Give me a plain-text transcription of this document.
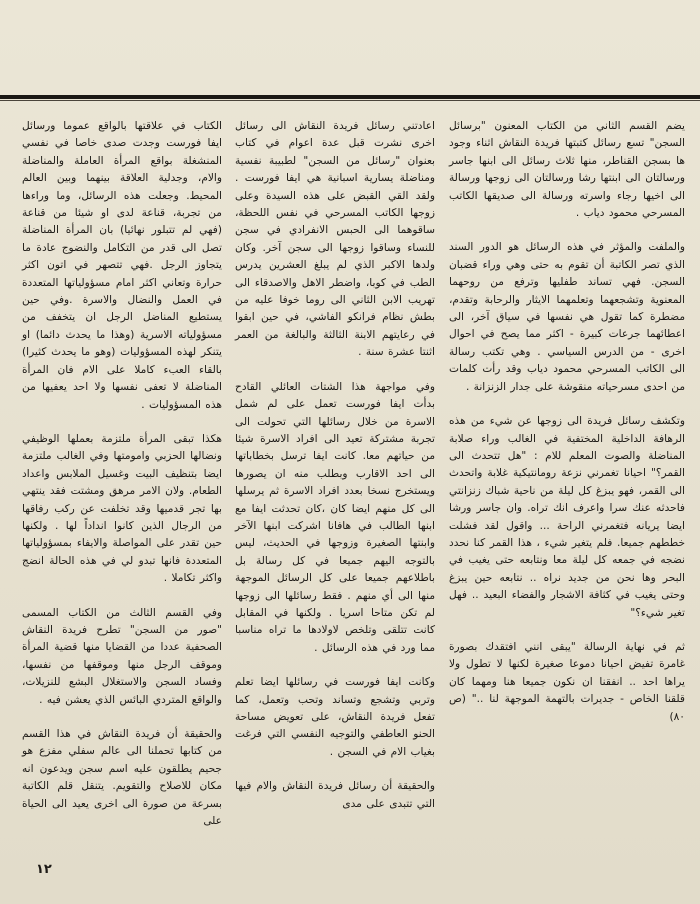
يضم القسم الثاني من الكتاب المعنون "برسائل السجن" تسع رسائل كتبتها فريدة النقاش اثناء وجود ها بسجن القناطر، منها ثلاث رسائل الى ابنها جاسر ورسالتان الى ابنتها رشا ورسالتان الى زوجها ورسالة الى اخيها رجاء واسرته ورسالة الى صديقها الكاتب المسرحي محمود دياب .

والملفت والمؤثر في هذه الرسائل هو الدور السند الذي تصر الكاتبة أن تقوم به حتى وهي وراء قضبان السجن. فهي تساند طفليها وترفع من روحهما المعنوية وتشجعهما وتعلمهما الايثار والرحابة وتقدم، مضطرة كما تقول هي نفسها في سياق آخر، الى اعطائهما جرعات كبيرة - اكثر مما يصح في احوال اخرى - من الدرس السياسي . وهي تكتب رسالة الى الكاتب المسرحي محمود دياب وقد رأت كلمات من احدى مسرحياته منقوشة على جدار الزنزانة .

وتكشف رسائل فريدة الى زوجها عن شيء من هذه الرهافة الداخلية المختفية في الغالب وراء صلابة المناضلة والصوت المعلم للام : "هل تتحدث الى القمر؟" احيانا تغمرني نزعة رومانتيكية غلابة واتحدث الى القمر، فهو يبزغ كل ليلة من ناحية شباك زنزانتي فاحدثه عنك سرا واعرف انك تراه. وان جاسر ورشا ايضا يريانه فتغمرني الراحة ... واقول لقد فشلت خططهم جميعا. فلم يتغير شيء ، هذا القمر كنا نحدد نضجه في جمعه كل ليلة معا ونتابعه حتى يغيب في البحر وها نحن من جديد نراه .. نتابعه حين يبزغ وحتى يغيب في كثافة الاشجار والفضاء البعيد .. فهل تغير شيء؟"

ثم في نهاية الرسالة "يبقى انني افتقدك بصورة غامرة تفيض احيانا دموعا صغيرة لكنها لا تطول ولا يراها احد .. انفقنا ان نكون جميعا هنا ومهما كان قلقنا الخاص - جديرات بالتهمة الموجهة لنا .." (ص ٨٠)

اعادتني رسائل فريدة النقاش الى رسائل اخرى نشرت قبل عدة اعوام في كتاب بعنوان "رسائل من السجن" لطبيبة نفسية ومناضلة يسارية اسبانية هي ايفا فورست . ولقد القي القبض على هذه السيدة وعلى زوجها الكاتب المسرحي في نفس اللحظة، ساقوهما الى الحبس الانفرادي في سجن للنساء وساقوا زوجها الى سجن آخر. وكان ولدها الاكبر الذي لم يبلغ العشرين يدرس الطب في كوبا، واضطر الاهل والاصدقاء الى تهريب الابن الثاني الى روما خوفا عليه من بطش نظام فرانكو الفاشي، في حين ابقوا في رعايتهم الابنة الثالثة والبالغة من العمر اثنتا عشرة سنة .

وفي مواجهة هذا الشتات العائلي القادح بدأت ايفا فورست تعمل على لم شمل الاسرة من خلال رسائلها التي تحولت الى تجربة مشتركة تعيد الى افراد الاسرة شيئا من حياتهم معا. كانت ايفا ترسل بخطاباتها الى احد الاقارب وبطلب منه ان يصورها ويستخرج نسخا بعدد افراد الاسرة ثم يرسلها الى كل منهم ايضا كان ،كان تحدثت ايفا مع ابنها الطالب في هافانا اشركت ابنها الآخر وابنتها الصغيرة وزوجها في الحديث، ليس بالتوجه اليهم جميعا في كل رسالة بل باطلاعهم جميعا على كل الرسائل الموجهة منها الى أي منهم . فقط رسائلها الى زوجها لم تكن متاحا اسريا . ولكنها في المقابل كانت تتلقى وتلخص لاولادها ما تراه مناسبا مما ورد في هذه الرسائل .

وكانت ايفا فورست في رسائلها ايضا تعلم وتربي وتشجع وتساند وتحب وتعمل، كما تفعل فريدة النقاش، على تعويض مساحة الحنو العاطفي والتوجيه النفسي التي فرغت بغياب الام في السجن .

والحقيقة أن رسائل فريدة النقاش والام فيها التي تتبدى على مدى

الكتاب في علاقتها بالواقع عموما ورسائل ايفا فورست وجدت صدى خاصا في نفسي المنشغلة بواقع المرأة العاملة والمناضلة والام، وجدلية العلاقة بينهما وبين العالم المحيط. وجعلت هذه الرسائل، وما وراءها من تجربة، قناعة لدى او شيئا من قناعة (فهي لم تتبلور نهائيا) بان المرأة المناضلة تصل الى قدر من التكامل والنضوج عادة ما يتجاوز الرجل .فهي تتصهر في اتون اكثر حرارة وتعاني اكثر امام مسؤولياتها المتعددة في العمل والنضال والاسرة .وفي حين يستطيع المناضل الرجل ان يتخفف من مسؤولياته الاسرية (وهذا ما يحدث دائما) او يتنكر لهذه المسؤوليات (وهو ما يحدث كثيرا) بالقاء العبء كاملا على الام فان المرأة المناضلة لا تعفى نفسها ولا احد يعفيها من هذه المسؤوليات .

هكذا تبقى المرأة ملتزمة بعملها الوظيفي ونضالها الحزبي وامومتها وفي الغالب ملتزمة ايضا بتنظيف البيت وغسيل الملابس واعداد الطعام. ولان الامر مرهق ومشتت فقد ينتهي بها تجر قدميها وقد تخلفت عن ركب رفاقها من الرجال الذين كانوا انداداً لها . ولكنها حين تقدر على المواصلة والايفاء بمسؤولياتها المتعددة فانها تبدو لي في هذه الحالة انضج واكثر تكاملا .

وفي القسم الثالث من الكتاب المسمى "صور من السجن" تطرح فريدة النقاش الصحفية عددا من القضايا منها قضية المرأة وموقف الرجل منها وموقفها من نفسها، وفساد السجن والاستغلال البشع للنزيلات، والواقع المتردي البائس الذي يعشن فيه .

والحقيقة أن فريدة النقاش في هذا القسم من كتابها تحملنا الى عالم سفلي مفزع هو جحيم يطلقون عليه اسم سجن ويدعون انه مكان للاصلاح والتقويم. يتنقل قلم الكاتبة بسرعة من صورة الى اخرى يعيد الى الحياة على

١٢
